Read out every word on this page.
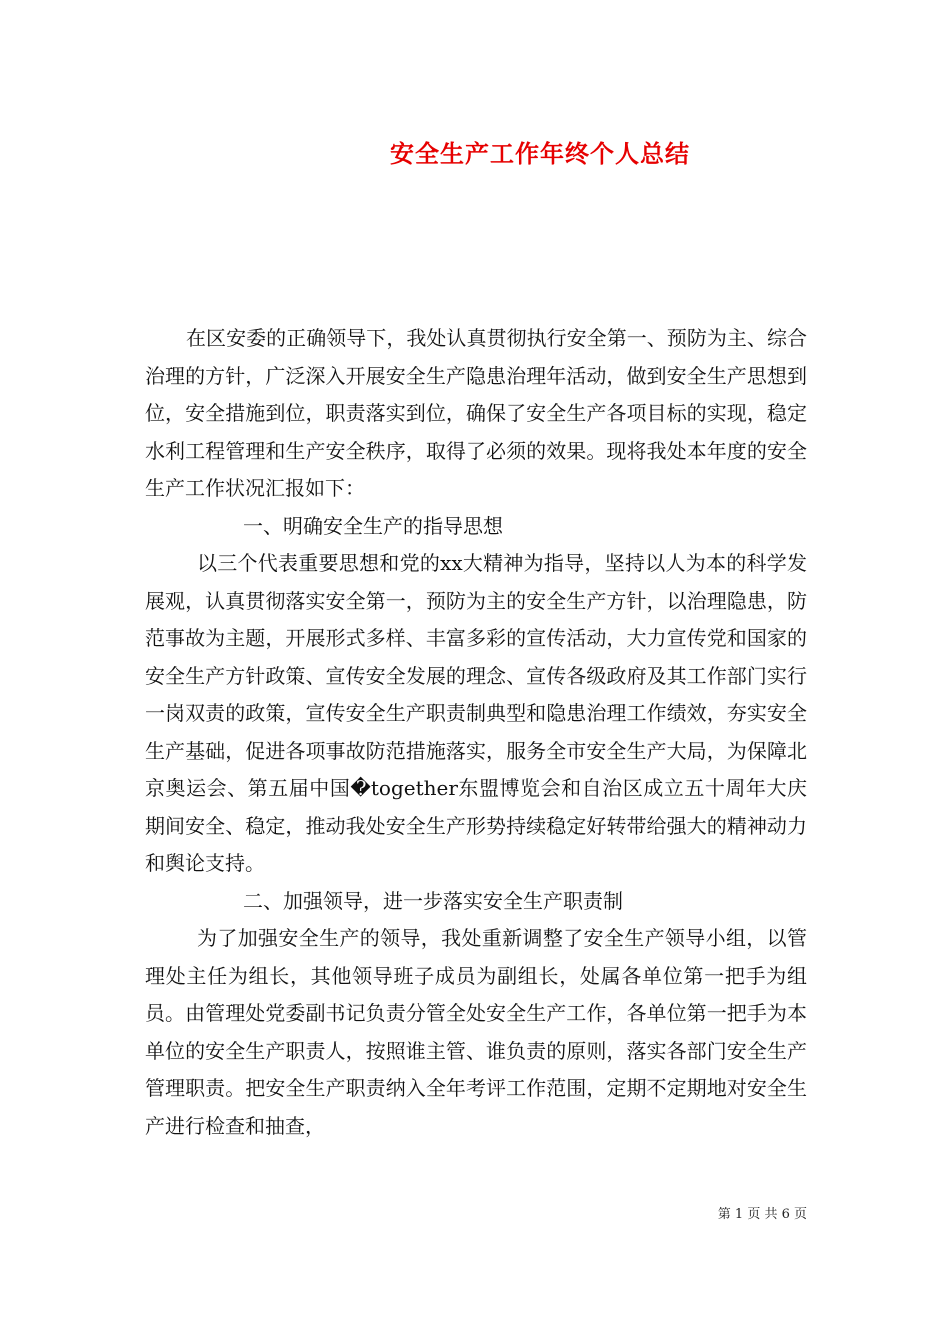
安全生产工作年终个人总结

在区安委的正确领导下，我处认真贯彻执行安全第一、预防为主、综合治理的方针，广泛深入开展安全生产隐患治理年活动，做到安全生产思想到位，安全措施到位，职责落实到位，确保了安全生产各项目标的实现，稳定水利工程管理和生产安全秩序，取得了必须的效果。现将我处本年度的安全生产工作状况汇报如下：

一、明确安全生产的指导思想

以三个代表重要思想和党的xx大精神为指导，坚持以人为本的科学发展观，认真贯彻落实安全第一，预防为主的安全生产方针，以治理隐患，防范事故为主题，开展形式多样、丰富多彩的宣传活动，大力宣传党和国家的安全生产方针政策、宣传安全发展的理念、宣传各级政府及其工作部门实行一岗双责的政策，宣传安全生产职责制典型和隐患治理工作绩效，夯实安全生产基础，促进各项事故防范措施落实，服务全市安全生产大局，为保障北京奥运会、第五届中国�together东盟博览会和自治区成立五十周年大庆期间安全、稳定，推动我处安全生产形势持续稳定好转带给强大的精神动力和舆论支持。

二、加强领导，进一步落实安全生产职责制

为了加强安全生产的领导，我处重新调整了安全生产领导小组，以管理处主任为组长，其他领导班子成员为副组长，处属各单位第一把手为组员。由管理处党委副书记负责分管全处安全生产工作，各单位第一把手为本单位的安全生产职责人，按照谁主管、谁负责的原则，落实各部门安全生产管理职责。把安全生产职责纳入全年考评工作范围，定期不定期地对安全生产进行检查和抽查，

第 1 页 共 6 页
